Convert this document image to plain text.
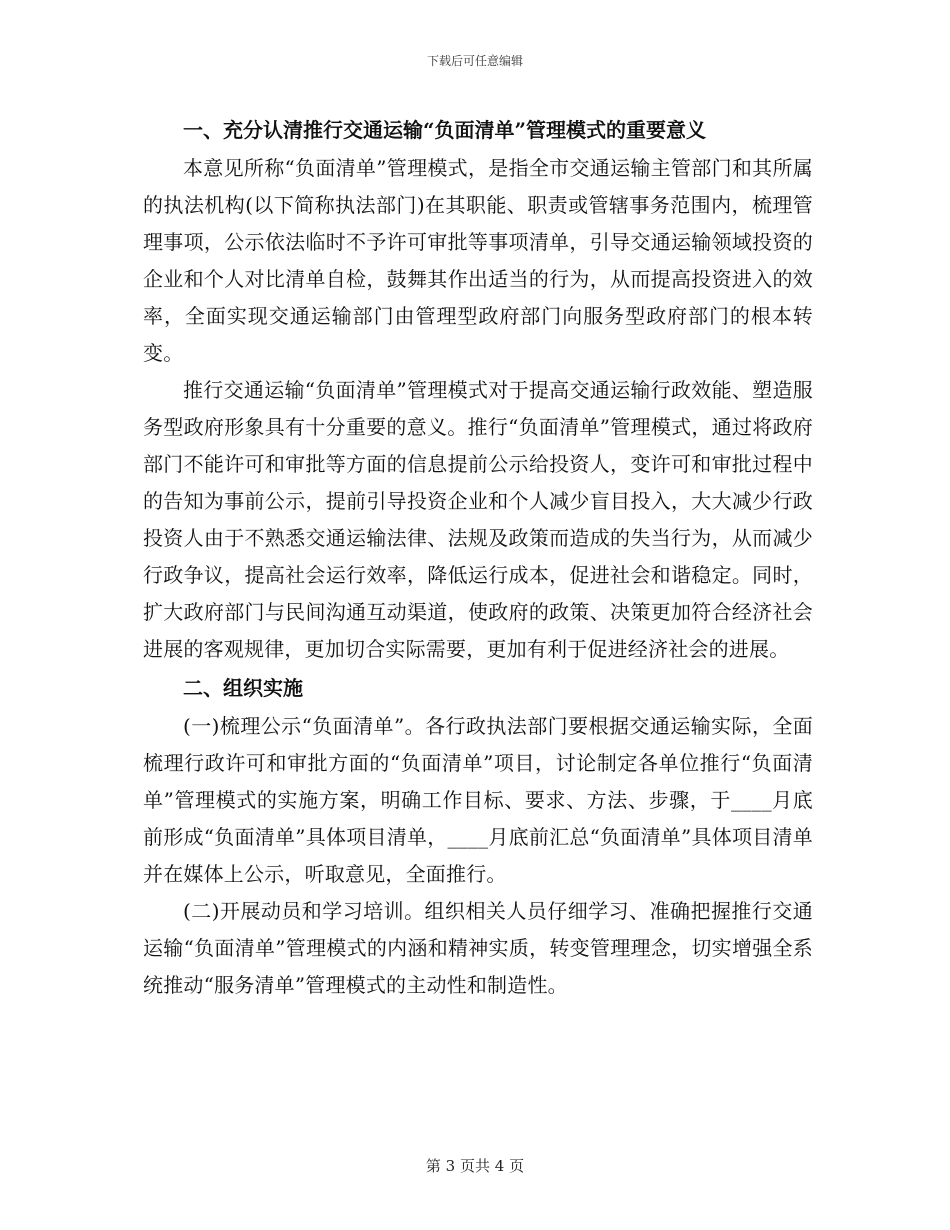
下载后可任意编辑
一、充分认清推行交通运输“负面清单”管理模式的重要意义

本意见所称“负面清单”管理模式，是指全市交通运输主管部门和其所属的执法机构(以下简称执法部门)在其职能、职责或管辖事务范围内，梳理管理事项，公示依法临时不予许可审批等事项清单，引导交通运输领域投资的企业和个人对比清单自检，鼓舞其作出适当的行为，从而提高投资进入的效率，全面实现交通运输部门由管理型政府部门向服务型政府部门的根本转变。

推行交通运输“负面清单”管理模式对于提高交通运输行政效能、塑造服务型政府形象具有十分重要的意义。推行“负面清单”管理模式，通过将政府部门不能许可和审批等方面的信息提前公示给投资人，变许可和审批过程中的告知为事前公示，提前引导投资企业和个人减少盲目投入，大大减少行政投资人由于不熟悉交通运输法律、法规及政策而造成的失当行为，从而减少行政争议，提高社会运行效率，降低运行成本，促进社会和谐稳定。同时，扩大政府部门与民间沟通互动渠道，使政府的政策、决策更加符合经济社会进展的客观规律，更加切合实际需要，更加有利于促进经济社会的进展。

二、组织实施

(一)梳理公示“负面清单”。各行政执法部门要根据交通运输实际，全面梳理行政许可和审批方面的“负面清单”项目，讨论制定各单位推行“负面清单”管理模式的实施方案，明确工作目标、要求、方法、步骤，于____月底前形成“负面清单”具体项目清单，____月底前汇总“负面清单”具体项目清单并在媒体上公示，听取意见，全面推行。

(二)开展动员和学习培训。组织相关人员仔细学习、准确把握推行交通运输“负面清单”管理模式的内涵和精神实质，转变管理理念，切实增强全系统推动“服务清单”管理模式的主动性和制造性。

第 3 页共 4 页
